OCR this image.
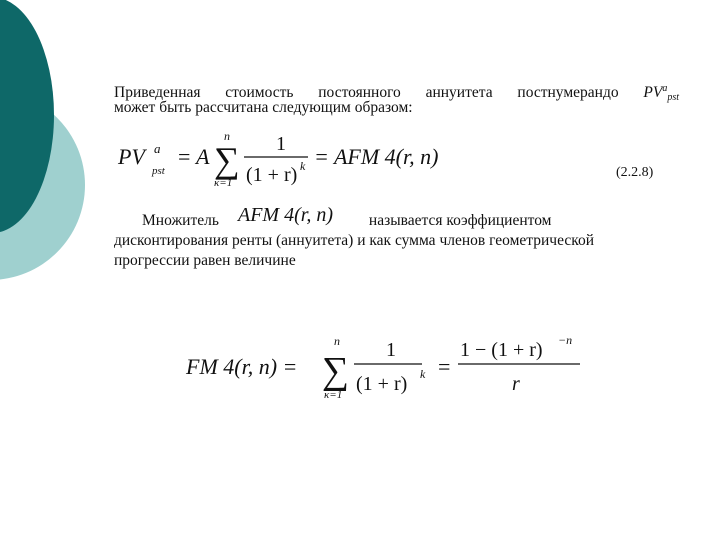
Приведенная стоимость постоянного аннуитета постнумерандо $PV^a_{pst}$
может быть рассчитана следующим образом:
PV a
pst
= A
n
∑
κ=1
1
(1 + r) k = AFM 4(r, n)
(2.2.8)
Множитель	называется коэффициентом
AFM 4(r, n)
дисконтирования ренты (аннуитета) и как сумма членов геометрической
прогрессии равен величине
FM 4(r, n) =
n
∑
κ=1
1
(1 + r) k =
1 − (1 + r) −n
r
